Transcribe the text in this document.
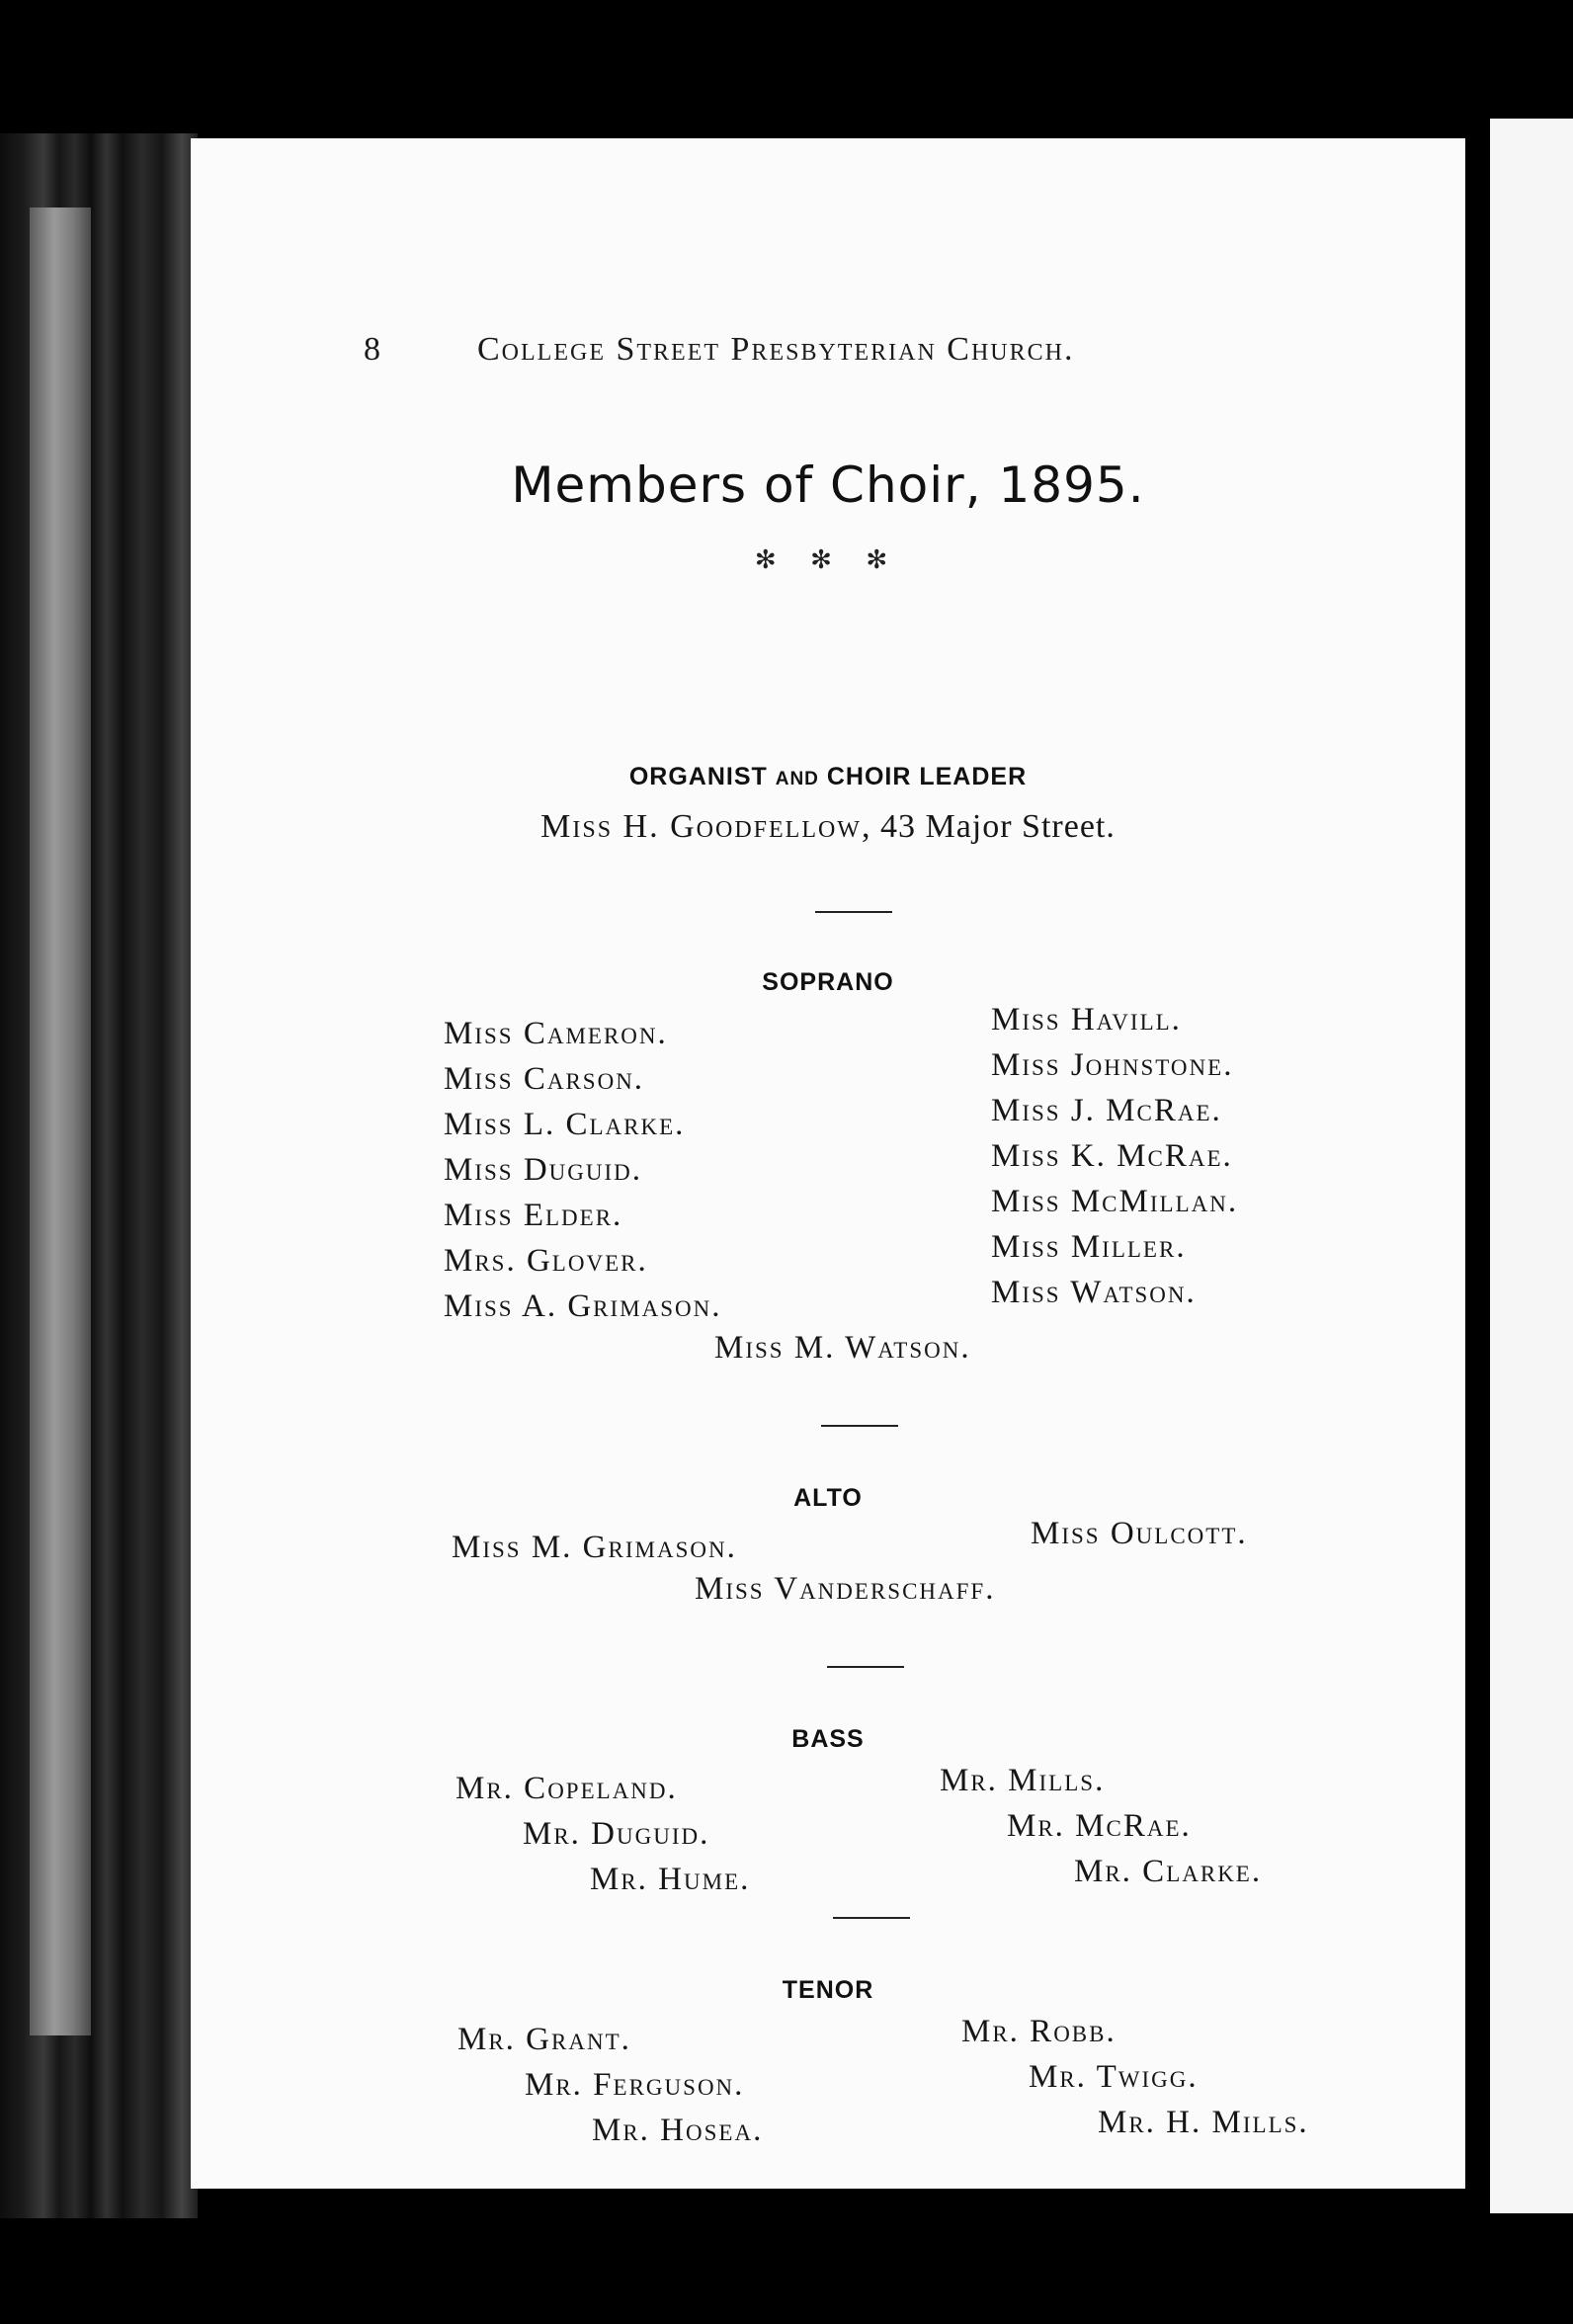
8	College Street Presbyterian Church.
Members of Choir, 1895.
✻ ✻ ✻
ORGANIST AND CHOIR LEADER
Miss H. Goodfellow, 43 Major Street.
SOPRANO
Miss Cameron.
Miss Carson.
Miss L. Clarke.
Miss Duguid.
Miss Elder.
Mrs. Glover.
Miss A. Grimason.
Miss Havill.
Miss Johnstone.
Miss J. McRae.
Miss K. McRae.
Miss McMillan.
Miss Miller.
Miss Watson.
Miss M. Watson.
ALTO
Miss M. Grimason.	Miss Oulcott.
Miss Vanderschaff.
BASS
Mr. Copeland.
Mr. Duguid.
Mr. Hume.
Mr. Mills.
Mr. McRae.
Mr. Clarke.
TENOR
Mr. Grant.
Mr. Ferguson.
Mr. Hosea.
Mr. Robb.
Mr. Twigg.
Mr. H. Mills.
